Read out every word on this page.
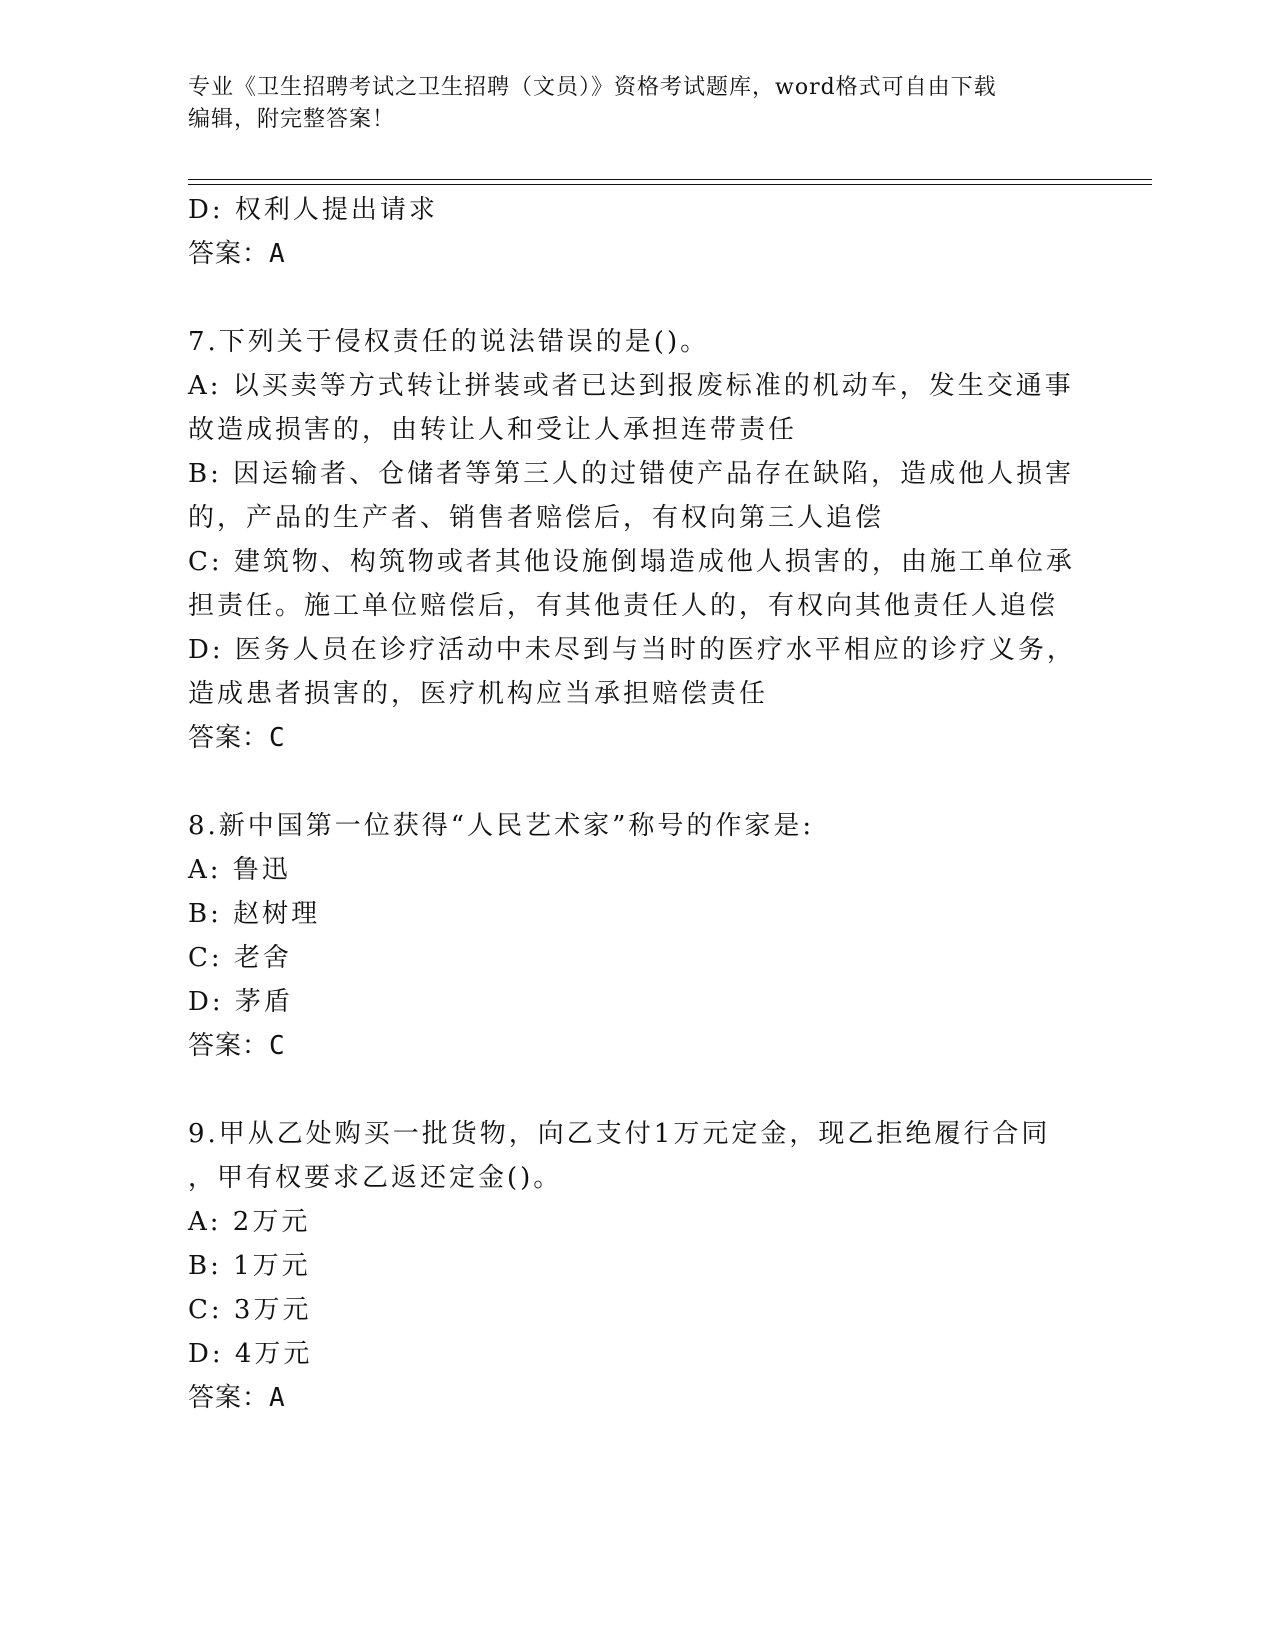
专业《卫生招聘考试之卫生招聘（文员）》资格考试题库，word格式可自由下载
编辑，附完整答案！
D: 权利人提出请求
答案：A
7.下列关于侵权责任的说法错误的是()。
A: 以买卖等方式转让拼装或者已达到报废标准的机动车，发生交通事
故造成损害的，由转让人和受让人承担连带责任
B: 因运输者、仓储者等第三人的过错使产品存在缺陷，造成他人损害
的，产品的生产者、销售者赔偿后，有权向第三人追偿
C: 建筑物、构筑物或者其他设施倒塌造成他人损害的，由施工单位承
担责任。施工单位赔偿后，有其他责任人的，有权向其他责任人追偿
D: 医务人员在诊疗活动中未尽到与当时的医疗水平相应的诊疗义务，
造成患者损害的，医疗机构应当承担赔偿责任
答案：C
8.新中国第一位获得“人民艺术家”称号的作家是:
A: 鲁迅
B: 赵树理
C: 老舍
D: 茅盾
答案：C
9.甲从乙处购买一批货物，向乙支付1万元定金，现乙拒绝履行合同
，甲有权要求乙返还定金()。
A: 2万元
B: 1万元
C: 3万元
D: 4万元
答案：A
